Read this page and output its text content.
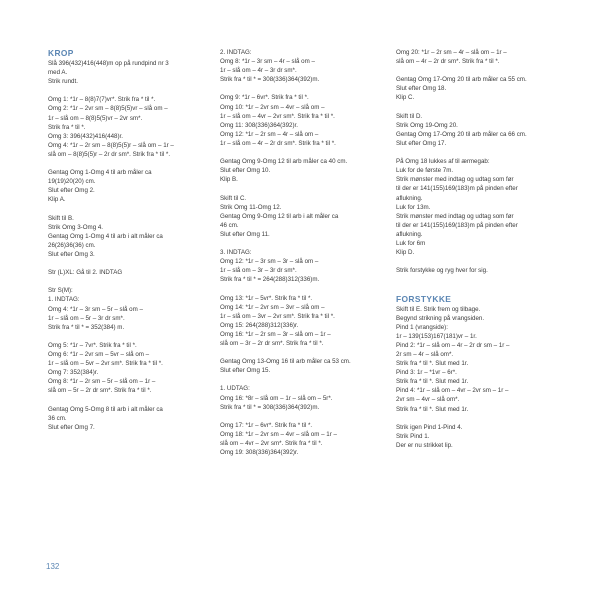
KROP
Slå 396(432)416(448)m op på rundpind nr 3
med A.
Strik rundt.
Omg 1: *1r – 8(8)7(7)vr*. Strik fra * til *.
Omg 2: *1r – 2vr sm – 8(8)5(5)vr – slå om –
1r – slå om – 8(8)5(5)vr – 2vr sm*.
Strik fra * til *.
Omg 3: 396(432)416(448)r.
Omg 4: *1r – 2r sm – 8(8)5(5)r – slå om – 1r –
slå om – 8(8)5(5)r – 2r dr sm*. Strik fra * til *.
Gentag Omg 1-Omg 4 til arb måler ca
19(19)20(20) cm.
Slut efter Omg 2.
Klip A.
Skift til B.
Strik Omg 3-Omg 4.
Gentag Omg 1-Omg 4 til arb i alt måler ca
26(26)36(36) cm.
Slut efter Omg 3.
Str (L)XL: Gå til 2. INDTAG
Str S(M):
1. INDTAG:
Omg 4: *1r – 3r sm – 5r – slå om –
1r – slå om – 5r – 3r dr sm*.
Strik fra * til * = 352(384) m.
Omg 5: *1r – 7vr*. Strik fra * til *.
Omg 6: *1r – 2vr sm – 5vr – slå om –
1r – slå om – 5vr – 2vr sm*. Strik fra * til *.
Omg 7: 352(384)r.
Omg 8: *1r – 2r sm – 5r – slå om – 1r –
slå om – 5r – 2r dr sm*. Strik fra * til *.
Gentag Omg 5-Omg 8 til arb i alt måler ca
36 cm.
Slut efter Omg 7.
2. INDTAG:
Omg 8: *1r – 3r sm – 4r – slå om –
1r – slå om – 4r – 3r dr sm*.
Strik fra * til * = 308(336)364(392)m.
Omg 9: *1r – 6vr*. Strik fra * til *.
Omg 10: *1r – 2vr sm – 4vr – slå om –
1r – slå om – 4vr – 2vr sm*. Strik fra * til *.
Omg 11: 308(336)364(392)r.
Omg 12: *1r – 2r sm – 4r – slå om –
1r – slå om – 4r – 2r dr sm*. Strik fra * til *.
Gentag Omg 9-Omg 12 til arb måler ca 40 cm.
Slut efter Omg 10.
Klip B.
Skift til C.
Strik Omg 11-Omg 12.
Gentag Omg 9-Omg 12 til arb i alt måler ca
46 cm.
Slut efter Omg 11.
3. INDTAG:
Omg 12: *1r – 3r sm – 3r – slå om –
1r – slå om – 3r – 3r dr sm*.
Strik fra * til * = 264(288)312(336)m.
Omg 13: *1r – 5vr*. Strik fra * til *.
Omg 14: *1r – 2vr sm – 3vr – slå om –
1r – slå om – 3vr – 2vr sm*. Strik fra * til *.
Omg 15: 264(288)312(336)r.
Omg 16: *1r – 2r sm – 3r – slå om – 1r –
slå om – 3r – 2r dr sm*. Strik fra * til *.
Gentag Omg 13-Omg 16 til arb måler ca 53 cm.
Slut efter Omg 15.
1. UDTAG:
Omg 16: *8r – slå om – 1r – slå om – 5r*.
Strik fra * til * = 308(336)364(392)m.
Omg 17: *1r – 6vr*. Strik fra * til *.
Omg 18: *1r – 2vr sm – 4vr – slå om – 1r –
slå om – 4vr – 2vr sm*. Strik fra * til *.
Omg 19: 308(336)364(392)r.
Omg 20: *1r – 2r sm – 4r – slå om – 1r –
slå om – 4r – 2r dr sm*. Strik fra * til *.
Gentag Omg 17-Omg 20 til arb måler ca 55 cm.
Slut efter Omg 18.
Klip C.
Skift til D.
Strik Omg 19-Omg 20.
Gentag Omg 17-Omg 20 til arb måler ca 66 cm.
Slut efter Omg 17.
På Omg 18 lukkes af til ærmegab:
Luk for de første 7m.
Strik mønster med indtag og udtag som før
til der er 141(155)169(183)m på pinden efter
aflukning.
Luk for 13m.
Strik mønster med indtag og udtag som før
til der er 141(155)169(183)m på pinden efter
aflukning.
Luk for 6m
Klip D.
Strik forstykke og ryg hver for sig.
FORSTYKKE
Skift til E. Strik frem og tilbage.
Begynd strikning på vrangsiden.
Pind 1 (vrangside):
1r – 139(153)167(181)vr – 1r.
Pind 2: *1r – slå om – 4r – 2r dr sm – 1r –
2r sm – 4r – slå om*.
Strik fra * til *. Slut med 1r.
Pind 3: 1r – *1vr – 6r*.
Strik fra * til *. Slut med 1r.
Pind 4: *1r – slå om – 4vr – 2vr sm – 1r –
2vr sm – 4vr – slå om*.
Strik fra * til *. Slut med 1r.
Strik igen Pind 1-Pind 4.
Strik Pind 1.
Der er nu strikket lip.
132
